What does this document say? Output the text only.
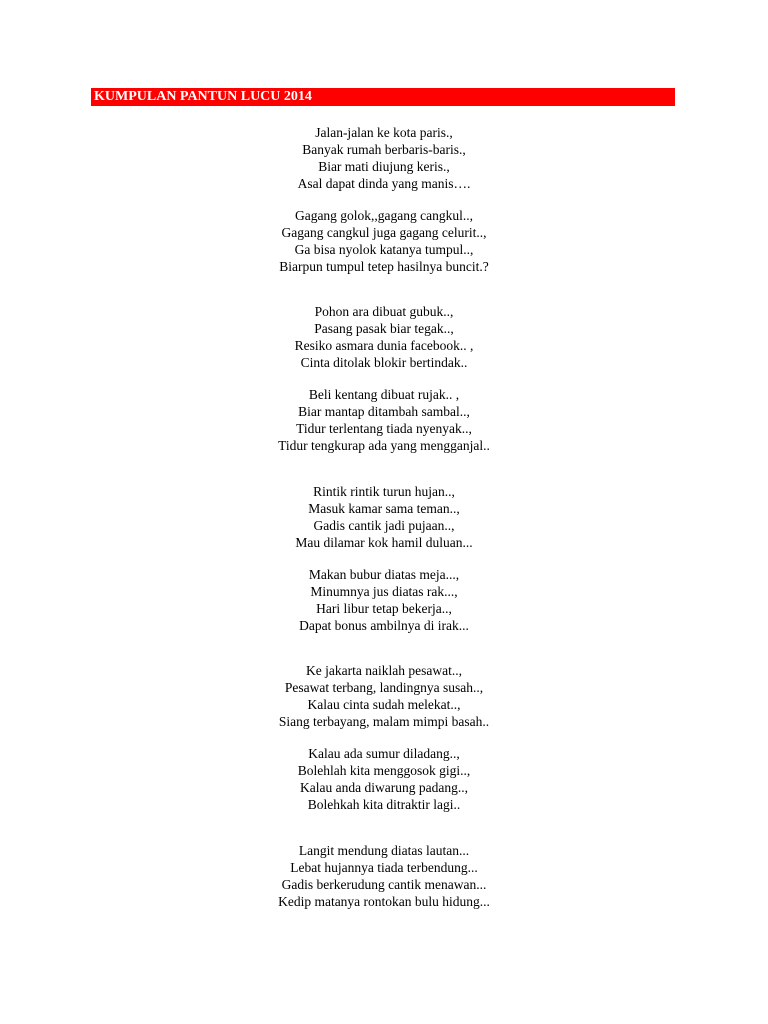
KUMPULAN PANTUN LUCU 2014
Jalan-jalan ke kota paris.,
Banyak rumah berbaris-baris.,
Biar mati diujung keris.,
Asal dapat dinda yang manis….
Gagang golok,,gagang cangkul..,
Gagang cangkul juga gagang celurit..,
Ga bisa nyolok katanya tumpul..,
Biarpun tumpul tetep hasilnya buncit.?
Pohon ara dibuat gubuk..,
Pasang pasak biar tegak..,
Resiko asmara dunia facebook.. ,
Cinta ditolak blokir bertindak..
Beli kentang dibuat rujak.. ,
Biar mantap ditambah sambal..,
Tidur terlentang tiada nyenyak..,
Tidur tengkurap ada yang mengganjal..
Rintik rintik turun hujan..,
Masuk kamar sama teman..,
Gadis cantik jadi pujaan..,
Mau dilamar kok hamil duluan...
Makan bubur diatas meja...,
Minumnya jus diatas rak...,
Hari libur tetap bekerja..,
Dapat bonus ambilnya di irak...
Ke jakarta naiklah pesawat..,
Pesawat terbang, landingnya susah..,
Kalau cinta sudah melekat..,
Siang terbayang, malam mimpi basah..
Kalau ada sumur diladang..,
Bolehlah kita menggosok gigi..,
Kalau anda diwarung padang..,
Bolehkah kita ditraktir lagi..
Langit mendung diatas lautan...
Lebat hujannya tiada terbendung...
Gadis berkerudung cantik menawan...
Kedip matanya rontokan bulu hidung...
